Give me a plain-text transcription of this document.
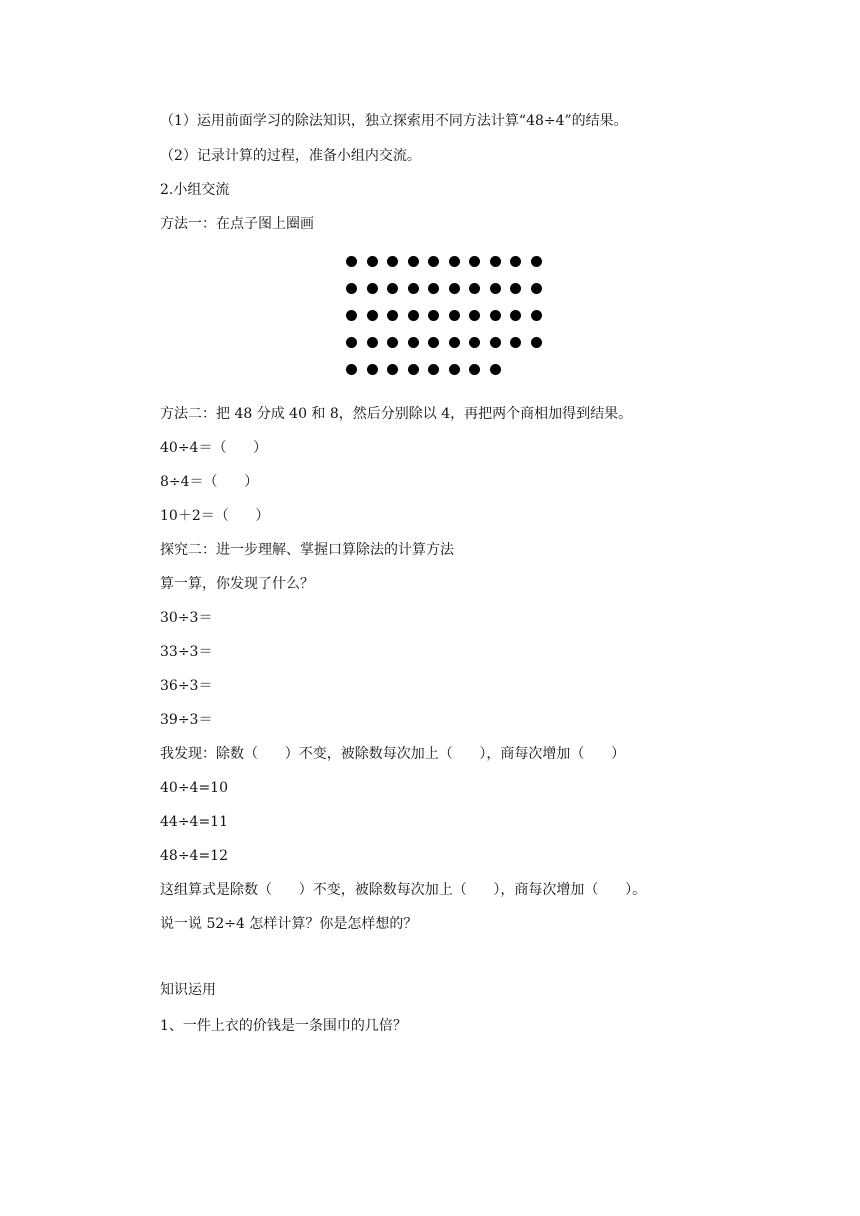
（1）运用前面学习的除法知识，独立探索用不同方法计算“48÷4”的结果。

（2）记录计算的过程，准备小组内交流。

2.小组交流

方法一：在点子图上圈画

方法二：把 48 分成 40 和 8，然后分别除以 4，再把两个商相加得到结果。

40÷4＝（      ）

8÷4＝（      ）

10＋2＝（      ）

探究二：进一步理解、掌握口算除法的计算方法

算一算，你发现了什么？

30÷3＝

33÷3＝

36÷3＝

39÷3＝

我发现：除数（      ）不变，被除数每次加上（      ），商每次增加（      ）

40÷4=10

44÷4=11

48÷4=12

这组算式是除数（      ）不变，被除数每次加上（      ），商每次增加（      ）。

说一说 52÷4 怎样计算？你是怎样想的？

知识运用

1、一件上衣的价钱是一条围巾的几倍？
